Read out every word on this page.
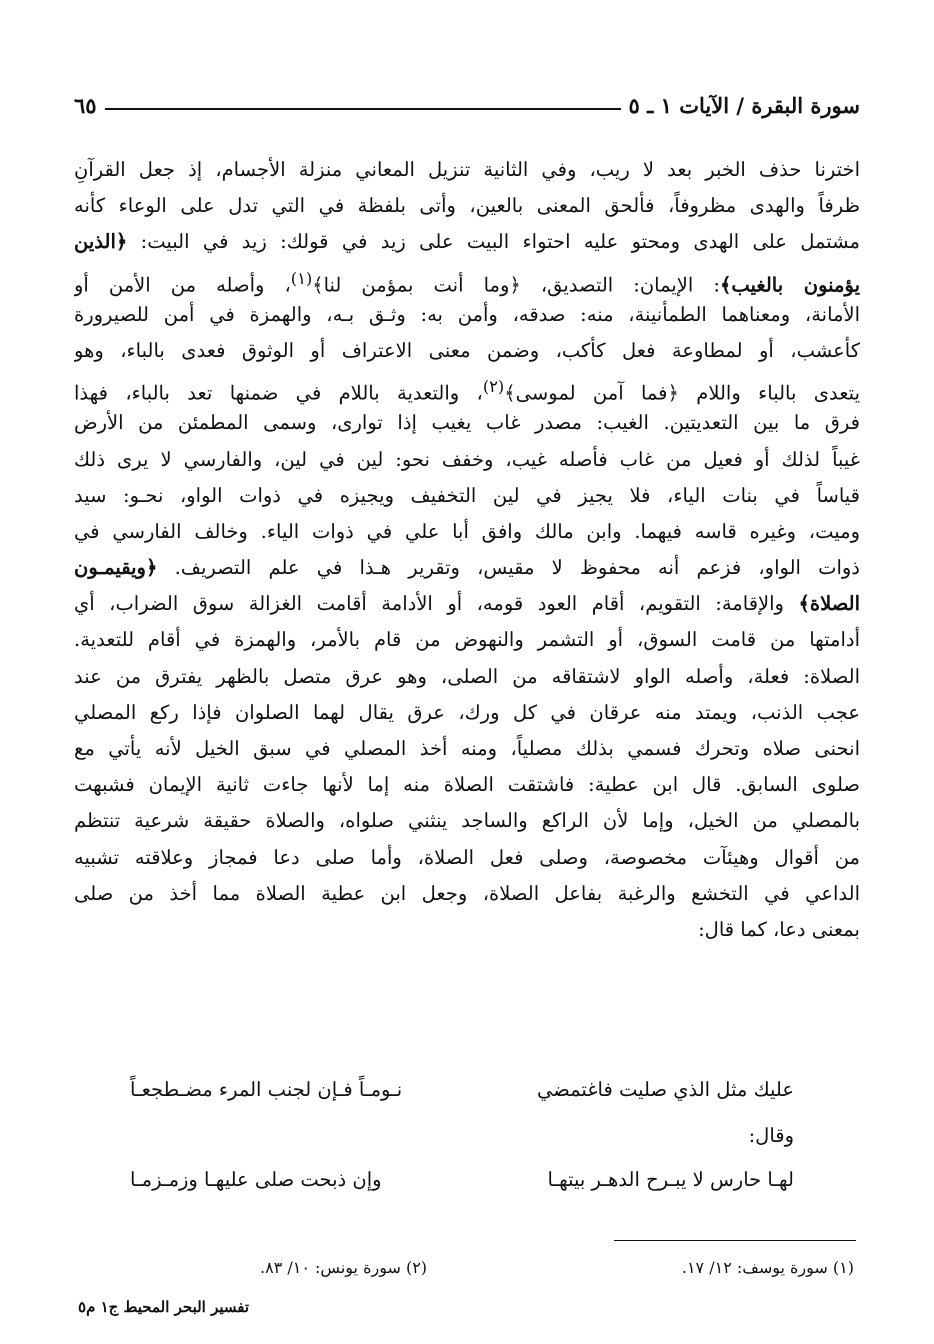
سورة البقرة / الآيات ١ ـ ٥
٦٥
اخترنا حذف الخبر بعد لا ريب، وفي الثانية تنزيل المعاني منزلة الأجسام، إذ جعل القرآنِ
ظرفاً والهدى مظروفاً، فألحق المعنى بالعين، وأتى بلفظة في التي تدل على الوعاء كأنه
مشتمل على الهدى ومحتو عليه احتواء البيت على زيد في قولك: زيد في البيت: ﴿الذين
يؤمنون بالغيب﴾: الإيمان: التصديق، ﴿وما أنت بمؤمن لنا﴾$^{(١)}$، وأصله من الأمن أو
الأمانة، ومعناهما الطمأنينة، منه: صدقه، وأمن به: وثـق بـه، والهمزة في أمن للصيرورة
كأعشب، أو لمطاوعة فعل كأكب، وضمن معنى الاعتراف أو الوثوق فعدى بالباء، وهو
يتعدى بالباء واللام ﴿فما آمن لموسى﴾$^{(٢)}$، والتعدية باللام في ضمنها تعد بالباء، فهذا
فرق ما بين التعديتين. الغيب: مصدر غاب يغيب إذا توارى، وسمى المطمئن من الأرض
غيباً لذلك أو فعيل من غاب فأصله غيب، وخفف نحو: لين في لين، والفارسي لا يرى ذلك
قياساً في بنات الياء، فلا يجيز في لين التخفيف ويجيزه في ذوات الواو، نحـو: سيد
وميت، وغيره قاسه فيهما. وابن مالك وافق أبا علي في ذوات الياء. وخالف الفارسي في
ذوات الواو، فزعم أنه محفوظ لا مقيس، وتقرير هـذا في علم التصريف. ﴿ويقيمـون
الصلاة﴾ والإقامة: التقويم، أقام العود قومه، أو الأدامة أقامت الغزالة سوق الضراب، أي
أدامتها من قامت السوق، أو التشمر والنهوض من قام بالأمر، والهمزة في أقام للتعدية.
الصلاة: فعلة، وأصله الواو لاشتقاقه من الصلى، وهو عرق متصل بالظهر يفترق من عند
عجب الذنب، ويمتد منه عرقان في كل ورك، عرق يقال لهما الصلوان فإذا ركع المصلي
انحنى صلاه وتحرك فسمي بذلك مصلياً، ومنه أخذ المصلي في سبق الخيل لأنه يأتي مع
صلوى السابق. قال ابن عطية: فاشتقت الصلاة منه إما لأنها جاءت ثانية الإيمان فشبهت
بالمصلي من الخيل، وإما لأن الراكع والساجد ينثني صلواه، والصلاة حقيقة شرعية تنتظم
من أقوال وهيئآت مخصوصة، وصلى فعل الصلاة، وأما صلى دعا فمجاز وعلاقته تشبيه
الداعي في التخشع والرغبة بفاعل الصلاة، وجعل ابن عطية الصلاة مما أخذ من صلى
بمعنى دعا، كما قال:
عليك مثل الذي صليت فاغتمضي
نـومـاً فـإن لجنب المرء مضـطجعـاً
وقال:
لهـا حارس لا يبـرح الدهـر بيتهـا
وإن ذبحت صلى عليهـا وزمـزمـا
(١) سورة يوسف: ١٢/ ١٧.
(٢) سورة يونس: ١٠/ ٨٣.
تفسير البحر المحيط ج١ م٥
